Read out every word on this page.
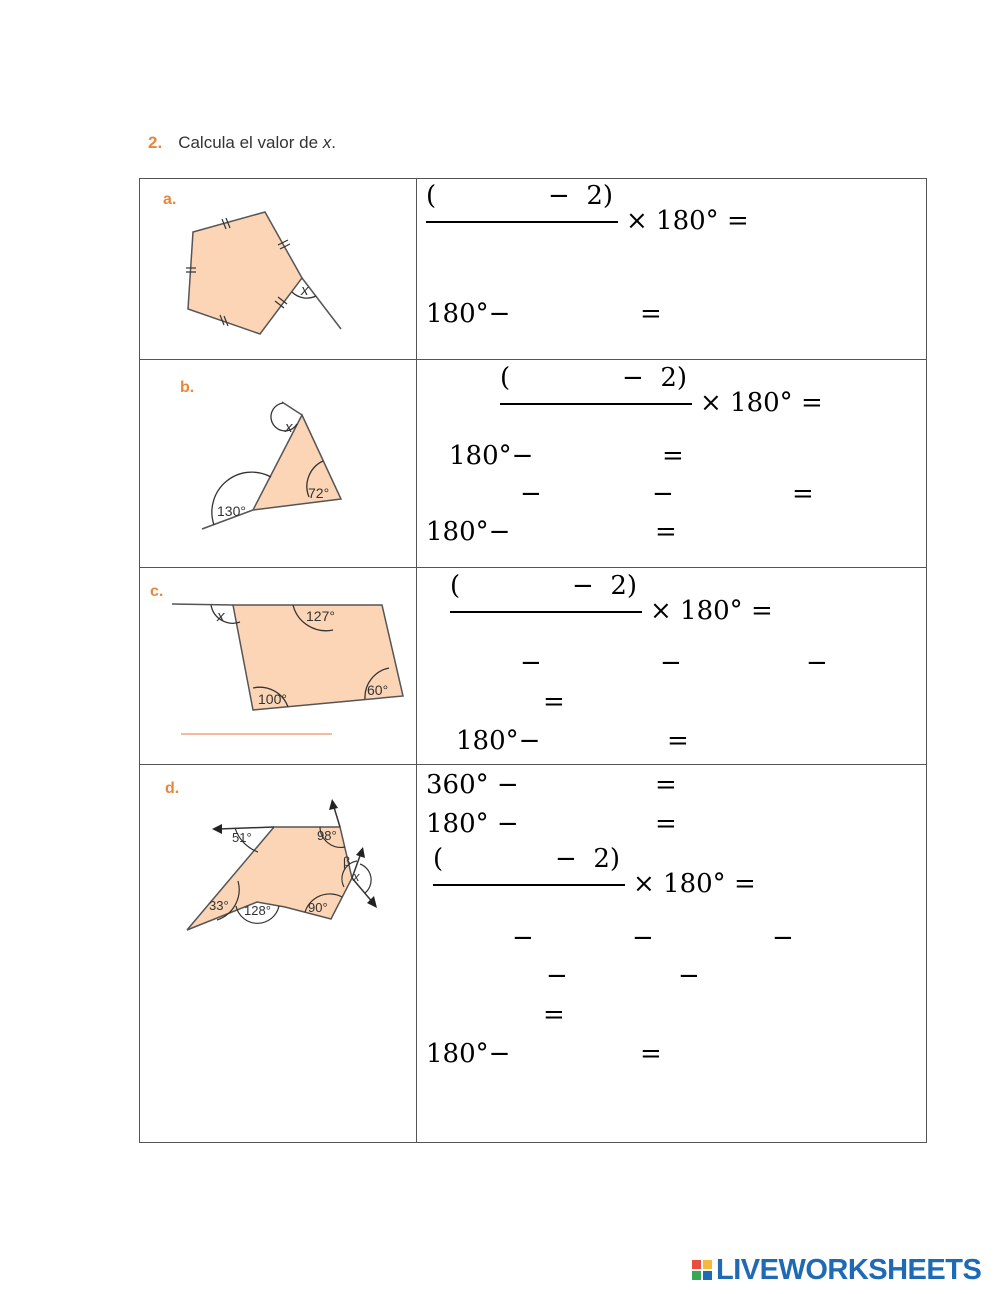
2. Calcula el valor de x.
a.
x
(	−  2)
× 180° =
180°−	=
b.
x
72°
130°
(	−  2)
× 180° =
180°−	=
−	−	=
180°−	=
c.
x	127°
100°
60°
(	−  2)
× 180° =
−	−	−
=
180°−	=
d.
51°	98°
β
x
33° 128°	90°
360° −	=
180° −	=
(	−  2)
× 180° =
−	−	−
−	−
=
180°−	=
LIVEWORKSHEETS
